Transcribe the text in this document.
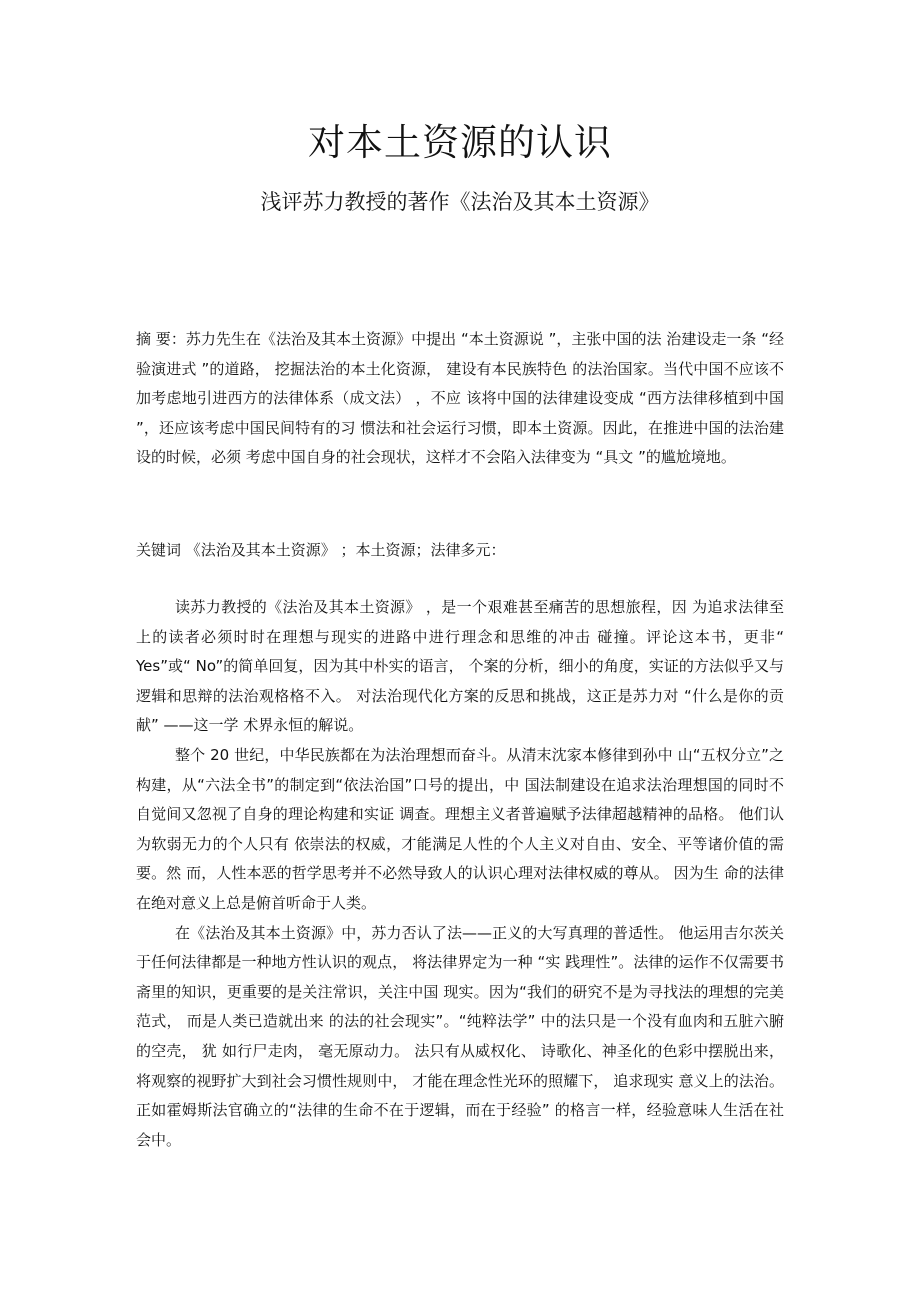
对本土资源的认识
浅评苏力教授的著作《法治及其本土资源》

摘 要：苏力先生在《法治及其本土资源》中提出 “本土资源说 ”，主张中国的法 治建设走一条 “经验演进式 ”的道路， 挖掘法治的本土化资源， 建设有本民族特色 的法治国家。当代中国不应该不加考虑地引进西方的法律体系（成文法） ，不应 该将中国的法律建设变成 “西方法律移植到中国 ”，还应该考虑中国民间特有的习 惯法和社会运行习惯，即本土资源。因此，在推进中国的法治建设的时候，必须 考虑中国自身的社会现状，这样才不会陷入法律变为 “具文 ”的尴尬境地。

关键词 《法治及其本土资源》 ；本土资源；法律多元：

读苏力教授的《法治及其本土资源》 ，是一个艰难甚至痛苦的思想旅程，因 为追求法律至上的读者必须时时在理想与现实的进路中进行理念和思维的冲击 碰撞。评论这本书，更非“ Yes”或“ No”的简单回复，因为其中朴实的语言， 个案的分析，细小的角度，实证的方法似乎又与逻辑和思辩的法治观格格不入。 对法治现代化方案的反思和挑战，这正是苏力对 “什么是你的贡献” ——这一学 术界永恒的解说。

整个 20 世纪，中华民族都在为法治理想而奋斗。从清末沈家本修律到孙中 山“五权分立”之构建，从“六法全书”的制定到“依法治国”口号的提出，中 国法制建设在追求法治理想国的同时不自觉间又忽视了自身的理论构建和实证 调查。理想主义者普遍赋予法律超越精神的品格。 他们认为软弱无力的个人只有 依崇法的权威，才能满足人性的个人主义对自由、安全、平等诸价值的需要。然 而，人性本恶的哲学思考并不必然导致人的认识心理对法律权威的尊从。 因为生 命的法律在绝对意义上总是俯首听命于人类。

在《法治及其本土资源》中，苏力否认了法——正义的大写真理的普适性。 他运用吉尔茨关于任何法律都是一种地方性认识的观点， 将法律界定为一种 “实 践理性”。法律的运作不仅需要书斋里的知识，更重要的是关注常识，关注中国 现实。因为“我们的研究不是为寻找法的理想的完美范式， 而是人类已造就出来 的法的社会现实”。“纯粹法学” 中的法只是一个没有血肉和五脏六腑的空壳， 犹 如行尸走肉， 毫无原动力。 法只有从威权化、 诗歌化、神圣化的色彩中摆脱出来， 将观察的视野扩大到社会习惯性规则中， 才能在理念性光环的照耀下， 追求现实 意义上的法治。正如霍姆斯法官确立的“法律的生命不在于逻辑，而在于经验” 的格言一样，经验意味人生活在社会中。
